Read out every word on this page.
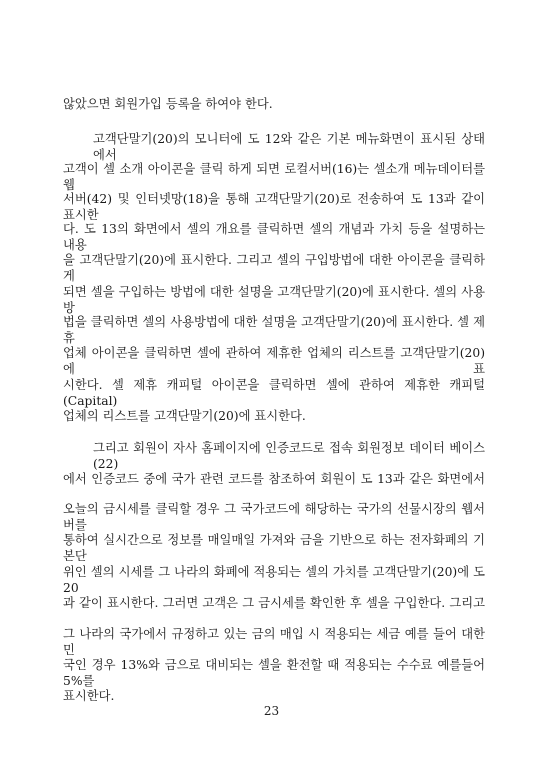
않았으면 회원가입 등록을 하여야 한다.
고객단말기(20)의 모니터에 도 12와 같은 기본 메뉴화면이 표시된 상태에서
고객이 셀 소개 아이콘을 클릭 하게 되면 로컬서버(16)는 셀소개 메뉴데이터를 웹
서버(42) 및 인터넷망(18)을 통해 고객단말기(20)로 전송하여 도 13과 같이 표시한
다. 도 13의 화면에서 셀의 개요를 클릭하면 셀의 개념과 가치 등을 설명하는 내용
을 고객단말기(20)에 표시한다. 그리고 셀의 구입방법에 대한 아이콘을 클릭하게
되면 셀을 구입하는 방법에 대한 설명을 고객단말기(20)에 표시한다. 셀의 사용방
법을 클릭하면 셀의 사용방법에 대한 설명을 고객단말기(20)에 표시한다. 셀 제휴
업체 아이콘을 클릭하면 셀에 관하여 제휴한 업체의 리스트를 고객단말기(20)에 표
시한다. 셀 제휴 캐피털 아이콘을 클릭하면 셀에 관하여 제휴한 캐피털(Capital)
업체의 리스트를 고객단말기(20)에 표시한다.
그리고 회원이 자사 홈페이지에 인증코드로 접속 회원정보 데이터 베이스(22)
에서 인증코드 중에 국가 관련 코드를 참조하여 회원이 도 13과 같은 화면에서
오늘의 금시세를 클릭할 경우 그 국가코드에 해당하는 국가의 선물시장의 웹서버를
통하여 실시간으로 정보를 매일매일 가져와 금을 기반으로 하는 전자화폐의 기본단
위인 셀의 시세를 그 나라의 화폐에 적용되는 셀의 가치를 고객단말기(20)에 도 20
과 같이 표시한다. 그러면 고객은 그 금시세를 확인한 후 셀을 구입한다. 그리고
그 나라의 국가에서 규정하고 있는 금의 매입 시 적용되는 세금 예를 들어 대한민
국인 경우 13%와 금으로 대비되는 셀을 환전할 때 적용되는 수수료 예를들어 5%를
표시한다.
23
